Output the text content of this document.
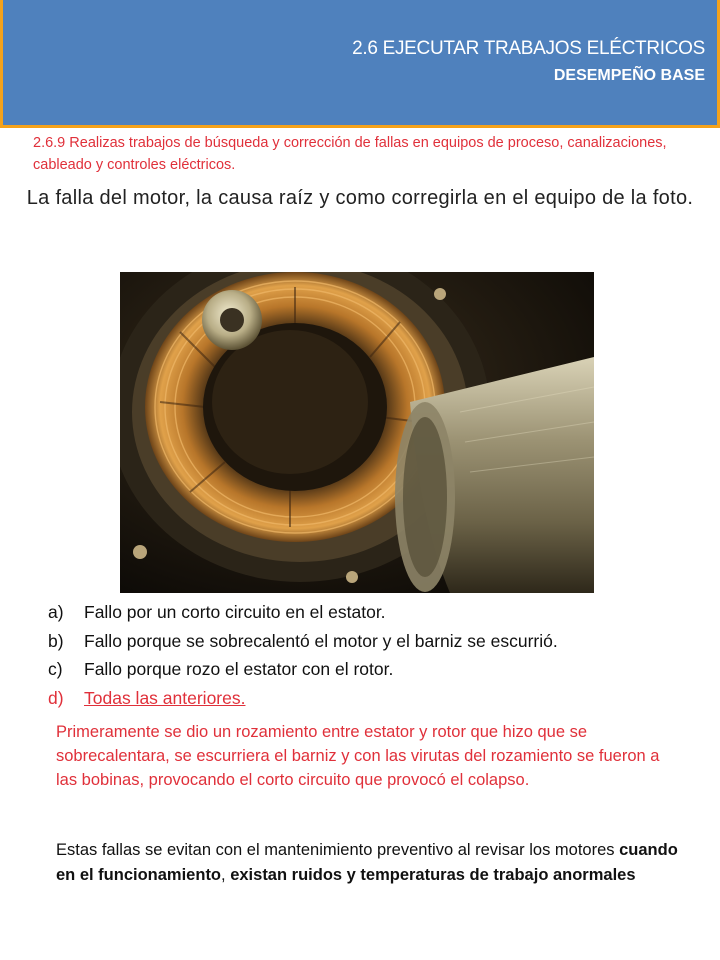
2.6 EJECUTAR TRABAJOS ELÉCTRICOS
DESEMPEÑO BASE
2.6.9 Realizas trabajos de búsqueda y corrección de fallas en equipos de proceso, canalizaciones, cableado y controles eléctricos.
La falla del motor, la causa raíz y como corregirla en el equipo de la foto.
a)	Fallo por un corto circuito en el estator.
b)	Fallo porque se sobrecalentó el motor y el barniz se escurrió.
c)	Fallo porque rozo el estator con el rotor.
d)	Todas las anteriores.
Primeramente se dio un rozamiento entre estator y rotor que hizo que se sobrecalentara, se escurriera el barniz y con las virutas del rozamiento se fueron a las bobinas, provocando el corto circuito que provocó el colapso.
Estas fallas se evitan con el mantenimiento preventivo al revisar los motores cuando en el funcionamiento, existan ruidos y temperaturas de trabajo anormales
